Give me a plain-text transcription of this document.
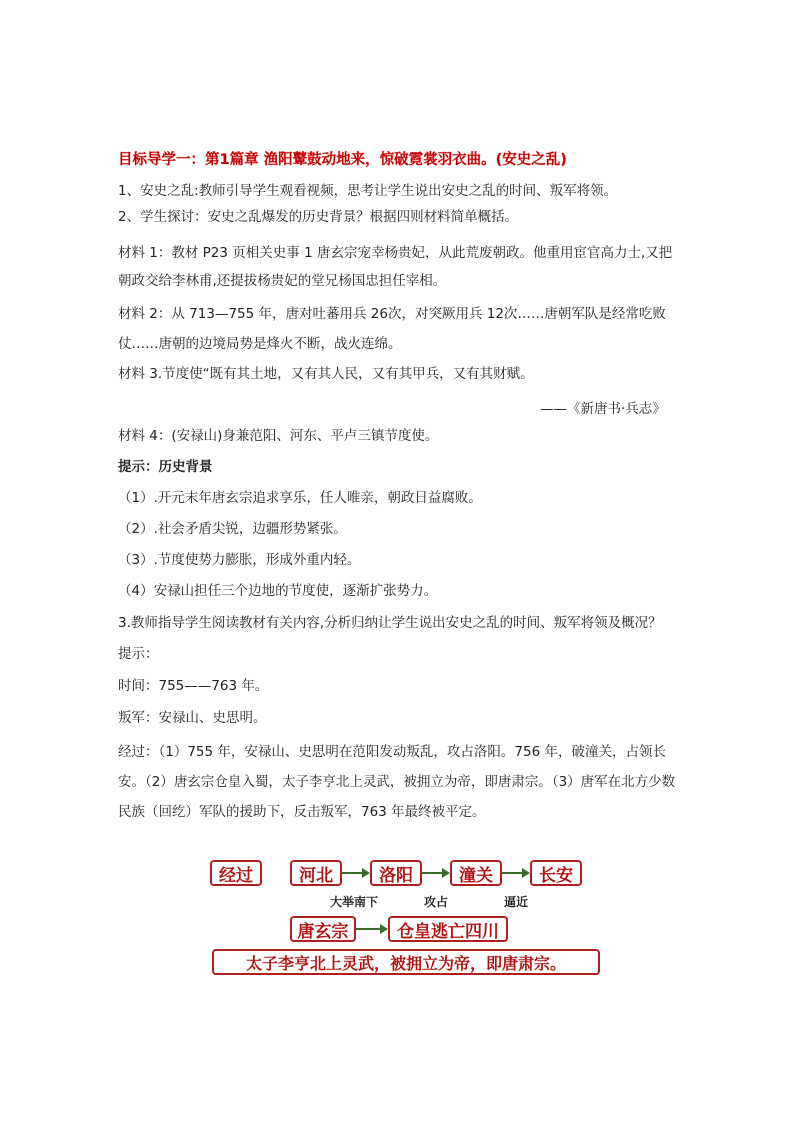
目标导学一：第1篇章 渔阳鼙鼓动地来，惊破霓裳羽衣曲。(安史之乱)
1、安史之乱:教师引导学生观看视频，思考让学生说出安史之乱的时间、叛军将领。
2、学生探讨：安史之乱爆发的历史背景？根据四则材料简单概括。
材料 1：教材 P23 页相关史事 1 唐玄宗宠幸杨贵妃，从此荒废朝政。他重用宦官高力士,又把朝政交给李林甫,还提拔杨贵妃的堂兄杨国忠担任宰相。
材料 2：从 713—755 年，唐对吐蕃用兵 26次，对突厥用兵 12次……唐朝军队是经常吃败仗……唐朝的边境局势是烽火不断，战火连绵。
材料 3.节度使“既有其土地，又有其人民，又有其甲兵，又有其财赋。
——《新唐书·兵志》
材料 4：(安禄山)身兼范阳、河东、平卢三镇节度使。
提示：历史背景
（1）.开元末年唐玄宗追求享乐，任人唯亲，朝政日益腐败。
（2）.社会矛盾尖锐，边疆形势紧张。
（3）.节度使势力膨胀，形成外重内轻。
（4）安禄山担任三个边地的节度使，逐渐扩张势力。
3.教师指导学生阅读教材有关内容,分析归纳让学生说出安史之乱的时间、叛军将领及概况？
提示：
时间：755——763 年。
叛军：安禄山、史思明。
经过：（1）755 年，安禄山、史思明在范阳发动叛乱，攻占洛阳。756 年，破潼关，占领长安。（2）唐玄宗仓皇入蜀，太子李亨北上灵武，被拥立为帝，即唐肃宗。（3）唐军在北方少数民族（回纥）军队的援助下，反击叛军，763 年最终被平定。
经过	河北	洛阳	潼关	长安
大举南下	攻占	逼近
唐玄宗	仓皇逃亡四川
太子李亨北上灵武，被拥立为帝，即唐肃宗。
